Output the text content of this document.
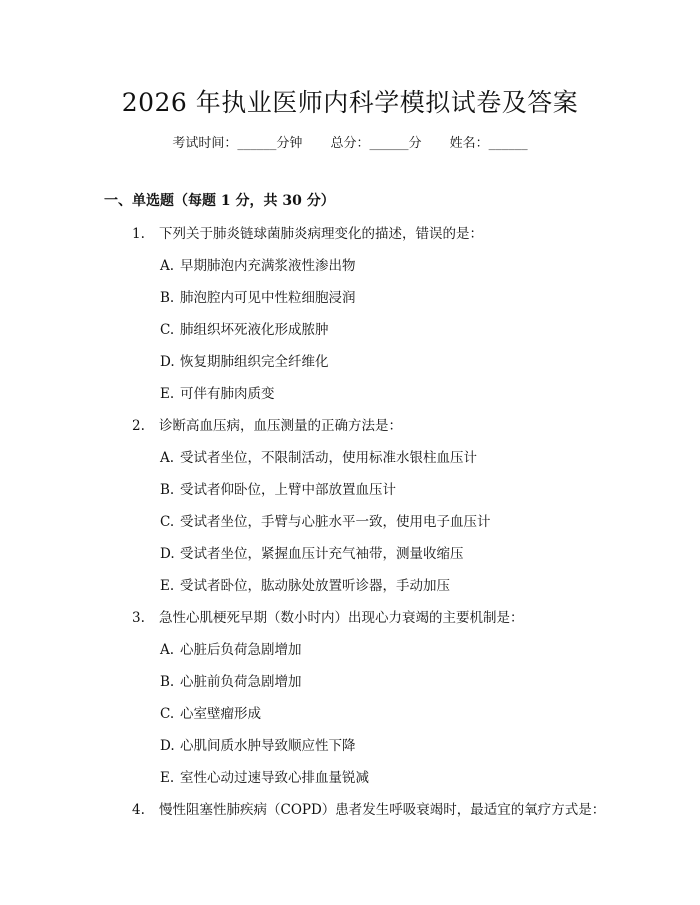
2026 年执业医师内科学模拟试卷及答案
考试时间：______分钟 总分：______分 姓名：______
一、单选题（每题 1 分，共 30 分）
1.	下列关于肺炎链球菌肺炎病理变化的描述，错误的是：
A. 早期肺泡内充满浆液性渗出物
B. 肺泡腔内可见中性粒细胞浸润
C. 肺组织坏死液化形成脓肿
D. 恢复期肺组织完全纤维化
E. 可伴有肺肉质变
2.	诊断高血压病，血压测量的正确方法是：
A. 受试者坐位，不限制活动，使用标准水银柱血压计
B. 受试者仰卧位，上臂中部放置血压计
C. 受试者坐位，手臂与心脏水平一致，使用电子血压计
D. 受试者坐位，紧握血压计充气袖带，测量收缩压
E. 受试者卧位，肱动脉处放置听诊器，手动加压
3.	急性心肌梗死早期（数小时内）出现心力衰竭的主要机制是：
A. 心脏后负荷急剧增加
B. 心脏前负荷急剧增加
C. 心室壁瘤形成
D. 心肌间质水肿导致顺应性下降
E. 室性心动过速导致心排血量锐减
4.	慢性阻塞性肺疾病（COPD）患者发生呼吸衰竭时，最适宜的氧疗方式是：
